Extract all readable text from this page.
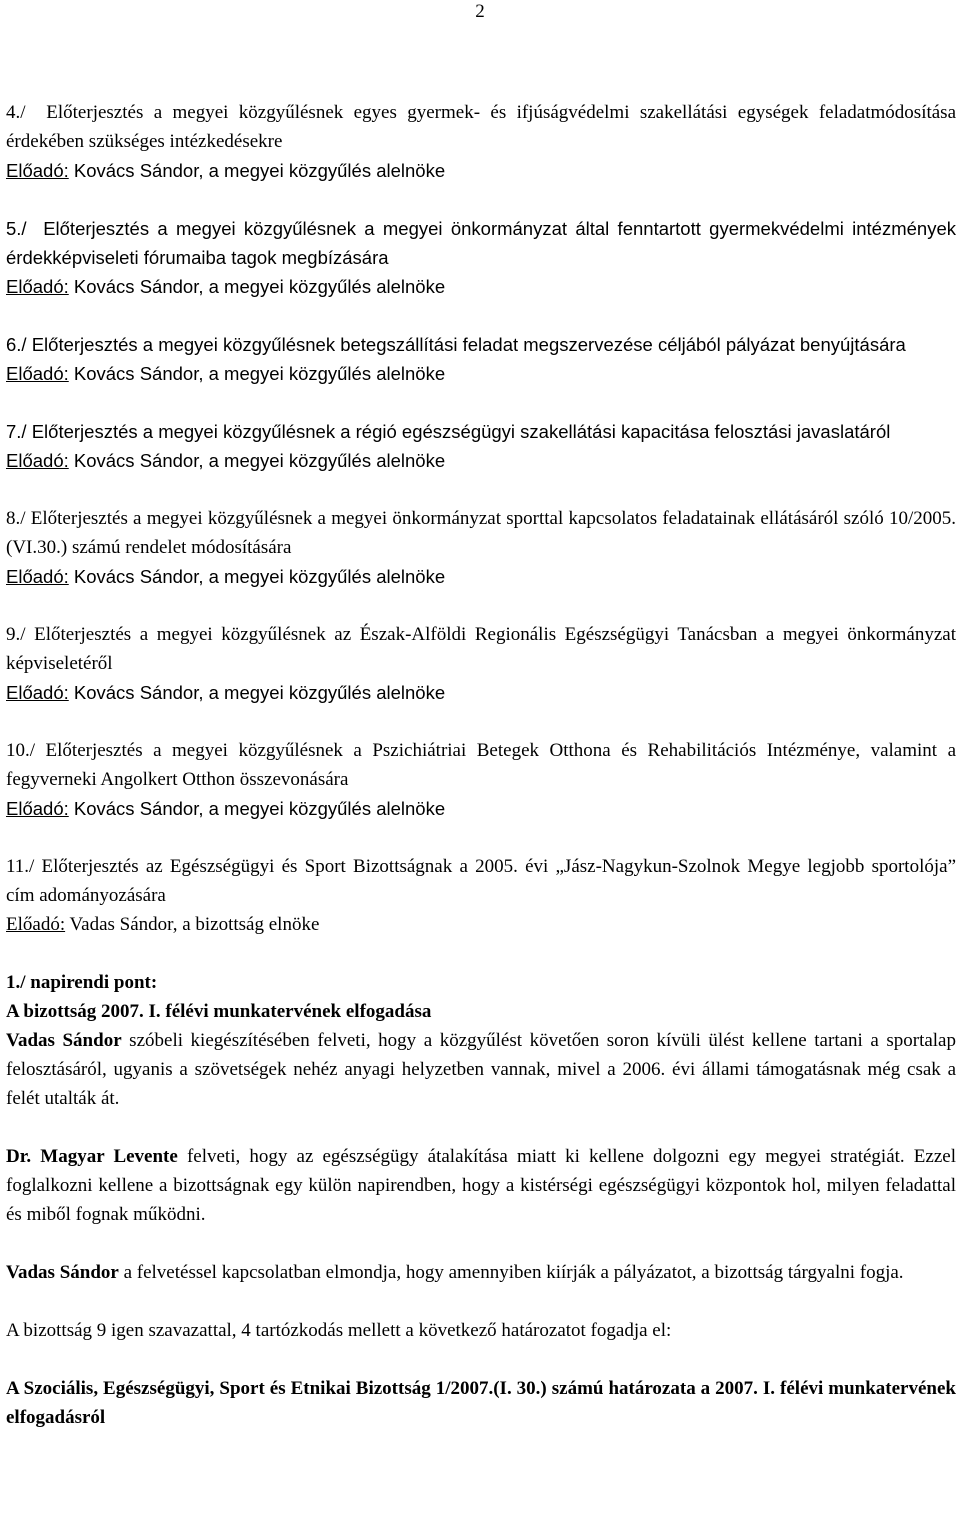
2

4./ Előterjesztés a megyei közgyűlésnek egyes gyermek- és ifjúságvédelmi szakellátási egységek feladatmódosítása érdekében szükséges intézkedésekre

Előadó: Kovács Sándor, a megyei közgyűlés alelnöke

5./ Előterjesztés a megyei közgyűlésnek a megyei önkormányzat által fenntartott gyermekvédelmi intézmények érdekképviseleti fórumaiba tagok megbízására

Előadó: Kovács Sándor, a megyei közgyűlés alelnöke

6./ Előterjesztés a megyei közgyűlésnek betegszállítási feladat megszervezése céljából pályázat benyújtására

Előadó: Kovács Sándor, a megyei közgyűlés alelnöke

7./ Előterjesztés a megyei közgyűlésnek a régió egészségügyi szakellátási kapacitása felosztási javaslatáról

Előadó: Kovács Sándor, a megyei közgyűlés alelnöke

8./ Előterjesztés a megyei közgyűlésnek a megyei önkormányzat sporttal kapcsolatos feladatainak ellátásáról szóló 10/2005.(VI.30.) számú rendelet módosítására

Előadó: Kovács Sándor, a megyei közgyűlés alelnöke

9./ Előterjesztés a megyei közgyűlésnek az Észak-Alföldi Regionális Egészségügyi Tanácsban a megyei önkormányzat képviseletéről

Előadó: Kovács Sándor, a megyei közgyűlés alelnöke

10./ Előterjesztés a megyei közgyűlésnek a Pszichiátriai Betegek Otthona és Rehabilitációs Intézménye, valamint a fegyverneki Angolkert Otthon összevonására

Előadó: Kovács Sándor, a megyei közgyűlés alelnöke

11./ Előterjesztés az Egészségügyi és Sport Bizottságnak a 2005. évi „Jász-Nagykun-Szolnok Megye legjobb sportolója” cím adományozására

Előadó: Vadas Sándor, a bizottság elnöke

1./ napirendi pont:

A bizottság 2007. I. félévi munkatervének elfogadása

Vadas Sándor szóbeli kiegészítésében felveti, hogy a közgyűlést követően soron kívüli ülést kellene tartani a sportalap felosztásáról, ugyanis a szövetségek nehéz anyagi helyzetben vannak, mivel a 2006. évi állami támogatásnak még csak a felét utalták át.

Dr. Magyar Levente felveti, hogy az egészségügy átalakítása miatt ki kellene dolgozni egy megyei stratégiát. Ezzel foglalkozni kellene a bizottságnak egy külön napirendben, hogy a kistérségi egészségügyi központok hol, milyen feladattal és miből fognak működni.

Vadas Sándor a felvetéssel kapcsolatban elmondja, hogy amennyiben kiírják a pályázatot, a bizottság tárgyalni fogja.

A bizottság 9 igen szavazattal, 4 tartózkodás mellett a következő határozatot fogadja el:

A Szociális, Egészségügyi, Sport és Etnikai Bizottság 1/2007.(I. 30.) számú határozata a 2007. I. félévi munkatervének elfogadásról
